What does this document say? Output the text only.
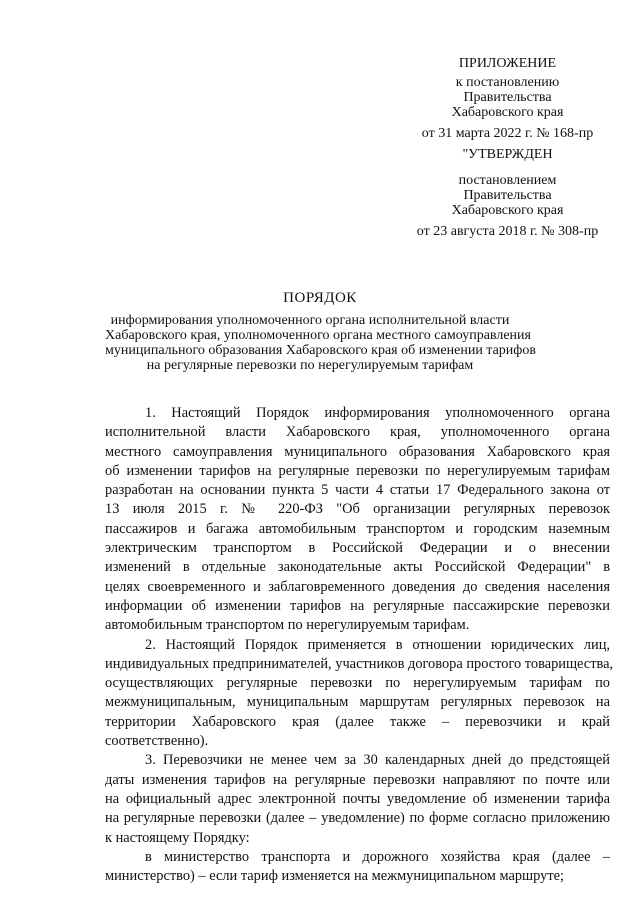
ПРИЛОЖЕНИЕ
к постановлению
Правительства
Хабаровского края
от 31 марта 2022 г. № 168-пр
"УТВЕРЖДЕН
постановлением
Правительства
Хабаровского края
от 23 августа 2018 г. № 308-пр
ПОРЯДОК
информирования уполномоченного органа исполнительной власти
Хабаровского края, уполномоченного органа местного самоуправления
муниципального образования Хабаровского края об изменении тарифов
на регулярные перевозки по нерегулируемым тарифам
1. Настоящий Порядок информирования уполномоченного органа
исполнительной власти Хабаровского края, уполномоченного органа
местного самоуправления муниципального образования Хабаровского края
об изменении тарифов на регулярные перевозки по нерегулируемым тарифам
разработан на основании пункта 5 части 4 статьи 17 Федерального закона от
13 июля 2015 г. № 220-ФЗ "Об организации регулярных перевозок
пассажиров и багажа автомобильным транспортом и городским наземным
электрическим транспортом в Российской Федерации и о внесении
изменений в отдельные законодательные акты Российской Федерации" в
целях своевременного и заблаговременного доведения до сведения населения
информации об изменении тарифов на регулярные пассажирские перевозки
автомобильным транспортом по нерегулируемым тарифам.
2. Настоящий Порядок применяется в отношении юридических лиц,
индивидуальных предпринимателей, участников договора простого товарищества,
осуществляющих регулярные перевозки по нерегулируемым тарифам по
межмуниципальным, муниципальным маршрутам регулярных перевозок на
территории Хабаровского края (далее также – перевозчики и край
соответственно).
3. Перевозчики не менее чем за 30 календарных дней до предстоящей
даты изменения тарифов на регулярные перевозки направляют по почте или
на официальный адрес электронной почты уведомление об изменении тарифа
на регулярные перевозки (далее – уведомление) по форме согласно приложению
к настоящему Порядку:
в министерство транспорта и дорожного хозяйства края (далее –
министерство) – если тариф изменяется на межмуниципальном маршруте;
